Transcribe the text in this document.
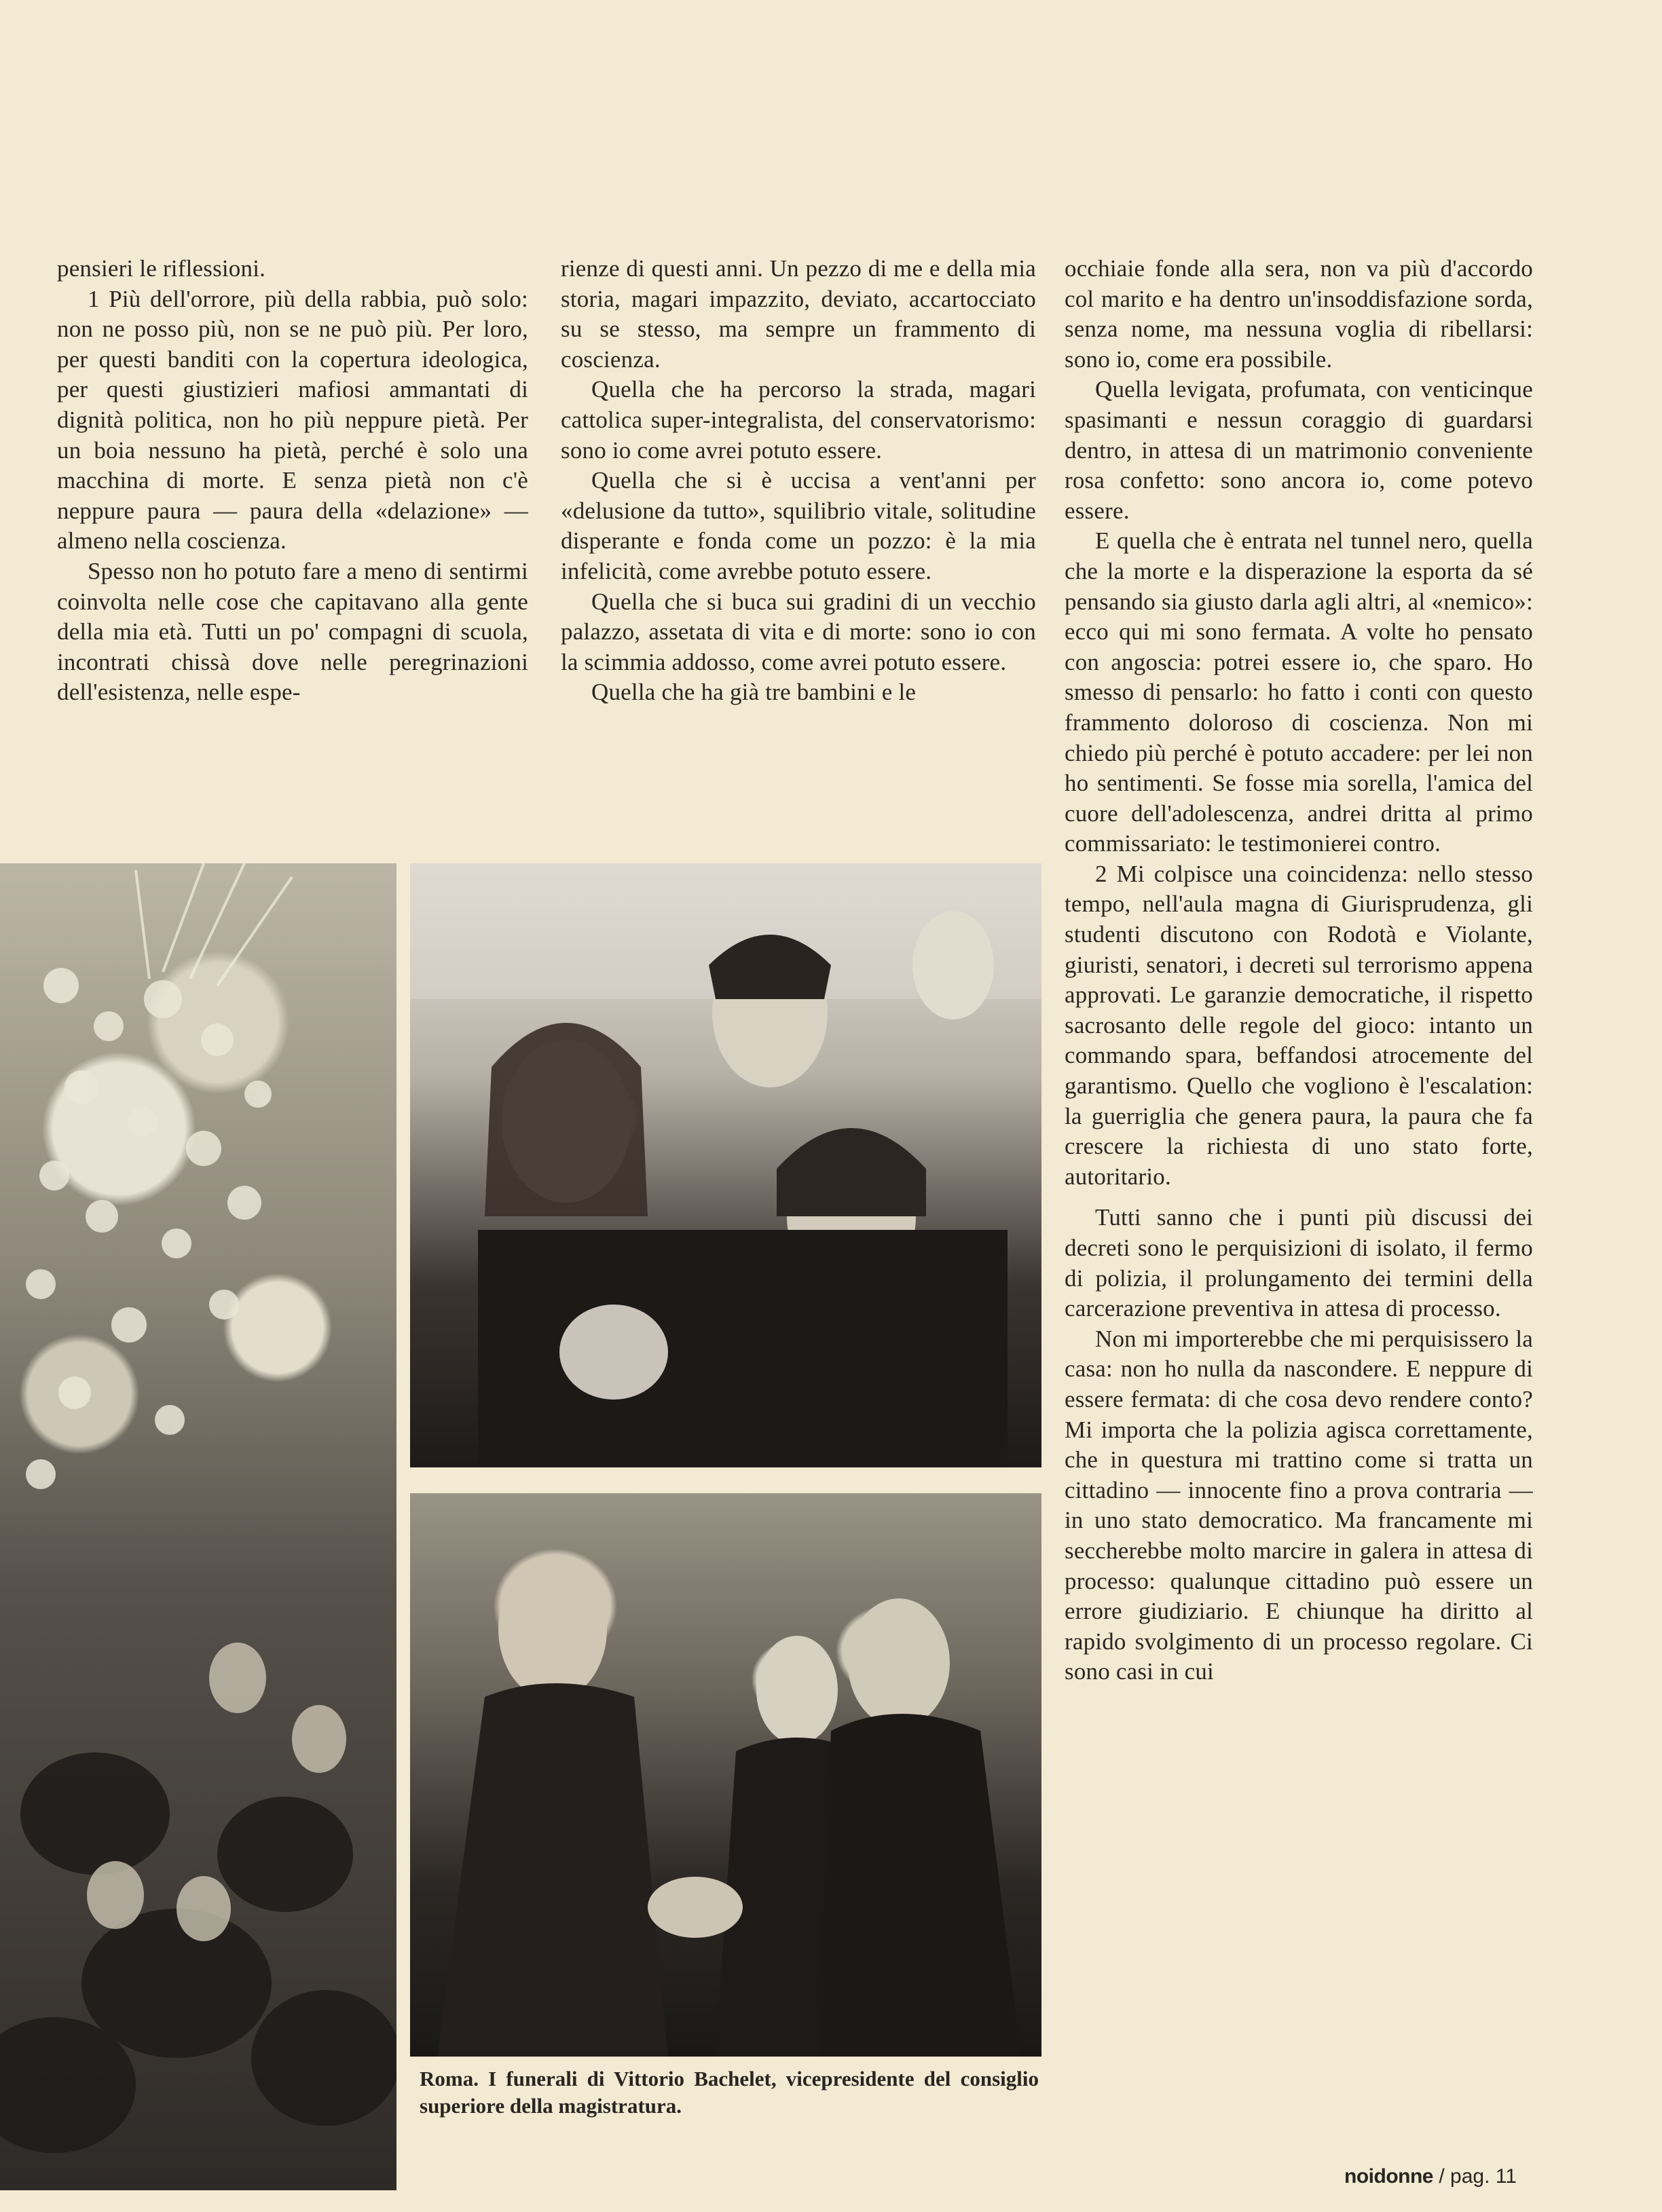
pensieri le riflessioni.

1 Più dell'orrore, più della rabbia, può solo: non ne posso più, non se ne può più. Per loro, per questi banditi con la copertura ideologica, per questi giustizieri mafiosi ammantati di dignità politica, non ho più neppure pietà. Per un boia nessuno ha pietà, perché è solo una macchina di morte. E senza pietà non c'è neppure paura — paura della «delazione» — almeno nella coscienza.

Spesso non ho potuto fare a meno di sentirmi coinvolta nelle cose che capitavano alla gente della mia età. Tutti un po' compagni di scuola, incontrati chissà dove nelle peregrinazioni dell'esistenza, nelle espe-

rienze di questi anni. Un pezzo di me e della mia storia, magari impazzito, deviato, accartocciato su se stesso, ma sempre un frammento di coscienza.

Quella che ha percorso la strada, magari cattolica super-integralista, del conservatorismo: sono io come avrei potuto essere.

Quella che si è uccisa a vent'anni per «delusione da tutto», squilibrio vitale, solitudine disperante e fonda come un pozzo: è la mia infelicità, come avrebbe potuto essere.

Quella che si buca sui gradini di un vecchio palazzo, assetata di vita e di morte: sono io con la scimmia addosso, come avrei potuto essere.

Quella che ha già tre bambini e le

occhiaie fonde alla sera, non va più d'accordo col marito e ha dentro un'insoddisfazione sorda, senza nome, ma nessuna voglia di ribellarsi: sono io, come era possibile.

Quella levigata, profumata, con venticinque spasimanti e nessun coraggio di guardarsi dentro, in attesa di un matrimonio conveniente rosa confetto: sono ancora io, come potevo essere.

E quella che è entrata nel tunnel nero, quella che la morte e la disperazione la esporta da sé pensando sia giusto darla agli altri, al «nemico»: ecco qui mi sono fermata. A volte ho pensato con angoscia: potrei essere io, che sparo. Ho smesso di pensarlo: ho fatto i conti con questo frammento doloroso di coscienza. Non mi chiedo più perché è potuto accadere: per lei non ho sentimenti. Se fosse mia sorella, l'amica del cuore dell'adolescenza, andrei dritta al primo commissariato: le testimonierei contro.

2 Mi colpisce una coincidenza: nello stesso tempo, nell'aula magna di Giurisprudenza, gli studenti discutono con Rodotà e Violante, giuristi, senatori, i decreti sul terrorismo appena approvati. Le garanzie democratiche, il rispetto sacrosanto delle regole del gioco: intanto un commando spara, beffandosi atrocemente del garantismo. Quello che vogliono è l'escalation: la guerriglia che genera paura, la paura che fa crescere la richiesta di uno stato forte, autoritario.

Tutti sanno che i punti più discussi dei decreti sono le perquisizioni di isolato, il fermo di polizia, il prolungamento dei termini della carcerazione preventiva in attesa di processo.

Non mi importerebbe che mi perquisissero la casa: non ho nulla da nascondere. E neppure di essere fermata: di che cosa devo rendere conto? Mi importa che la polizia agisca correttamente, che in questura mi trattino come si tratta un cittadino — innocente fino a prova contraria — in uno stato democratico. Ma francamente mi seccherebbe molto marcire in galera in attesa di processo: qualunque cittadino può essere un errore giudiziario. E chiunque ha diritto al rapido svolgimento di un processo regolare. Ci sono casi in cui

Roma. I funerali di Vittorio Bachelet, vicepresidente del consiglio superiore della magistratura.
noidonne / pag. 11
